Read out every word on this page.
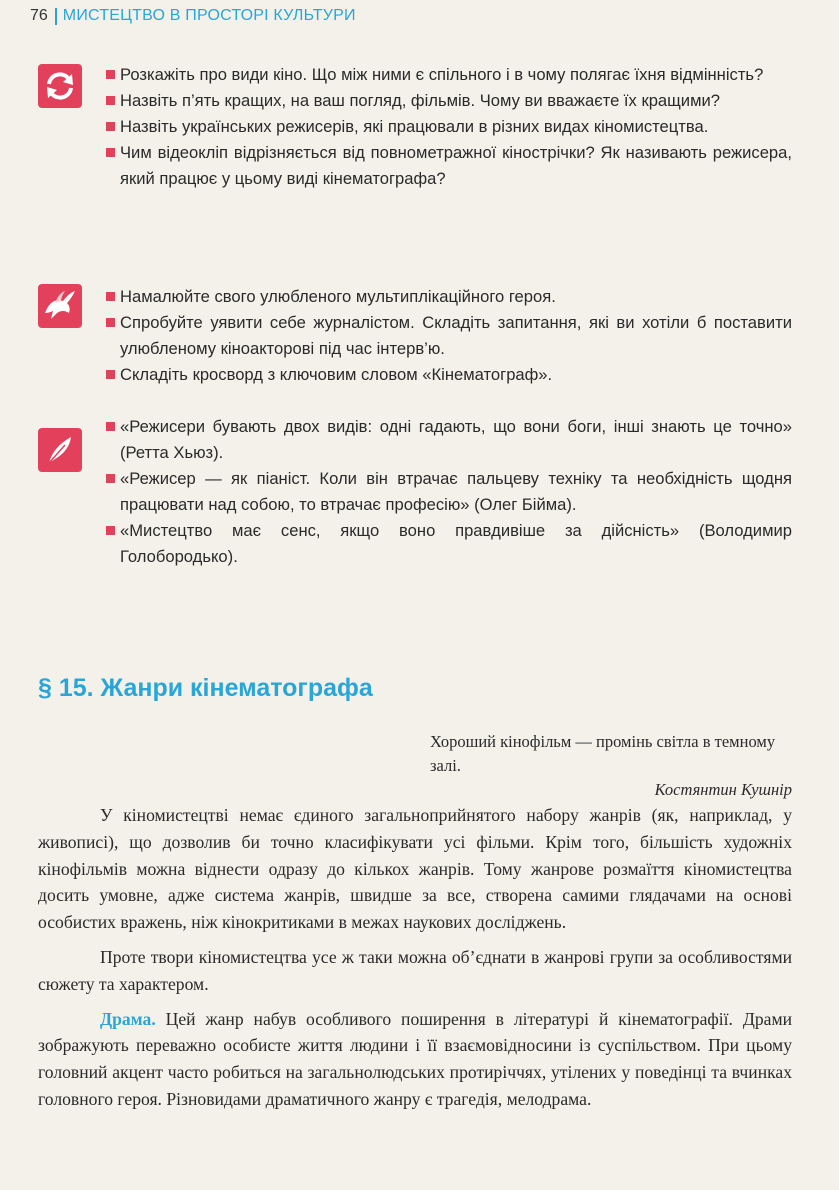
76 МИСТЕЦТВО В ПРОСТОРІ КУЛЬТУРИ
Розкажіть про види кіно. Що між ними є спільного і в чому полягає їхня відмінність?
Назвіть п’ять кращих, на ваш погляд, фільмів. Чому ви вважаєте їх кращими?
Назвіть українських режисерів, які працювали в різних видах кіномистецтва.
Чим відеокліп відрізняється від повнометражної кінострічки? Як називають режисера, який працює у цьому виді кінематографа?
Намалюйте свого улюбленого мультиплікаційного героя.
Спробуйте уявити себе журналістом. Складіть запитання, які ви хотіли б поставити улюбленому кіноакторові під час інтерв’ю.
Складіть кросворд з ключовим словом «Кінематограф».
«Режисери бувають двох видів: одні гадають, що вони боги, інші знають це точно» (Ретта Хьюз).
«Режисер — як піаніст. Коли він втрачає пальцеву техніку та необхідність щодня працювати над собою, то втрачає професію» (Олег Бійма).
«Мистецтво має сенс, якщо воно правдивіше за дійсність» (Володимир Голобородько).
§ 15. Жанри кінематографа
Хороший кінофільм — промінь світла в темному залі.
Костянтин Кушнір

У кіномистецтві немає єдиного загальноприйнятого набору жанрів (як, наприклад, у живописі), що дозволив би точно класифікувати усі фільми. Крім того, більшість художніх кінофільмів можна віднести одразу до кількох жанрів. Тому жанрове розмаїття кіномистецтва досить умовне, адже система жанрів, швидше за все, створена самими глядачами на основі особистих вражень, ніж кінокритиками в межах наукових досліджень.

Проте твори кіномистецтва усе ж таки можна об’єднати в жанрові групи за особливостями сюжету та характером.

Драма. Цей жанр набув особливого поширення в літературі й кінематографії. Драми зображують переважно особисте життя людини і її взаємовідносини із суспільством. При цьому головний акцент часто робиться на загальнолюдських протиріччях, утілених у поведінці та вчинках головного героя. Різновидами драматичного жанру є трагедія, мелодрама.
